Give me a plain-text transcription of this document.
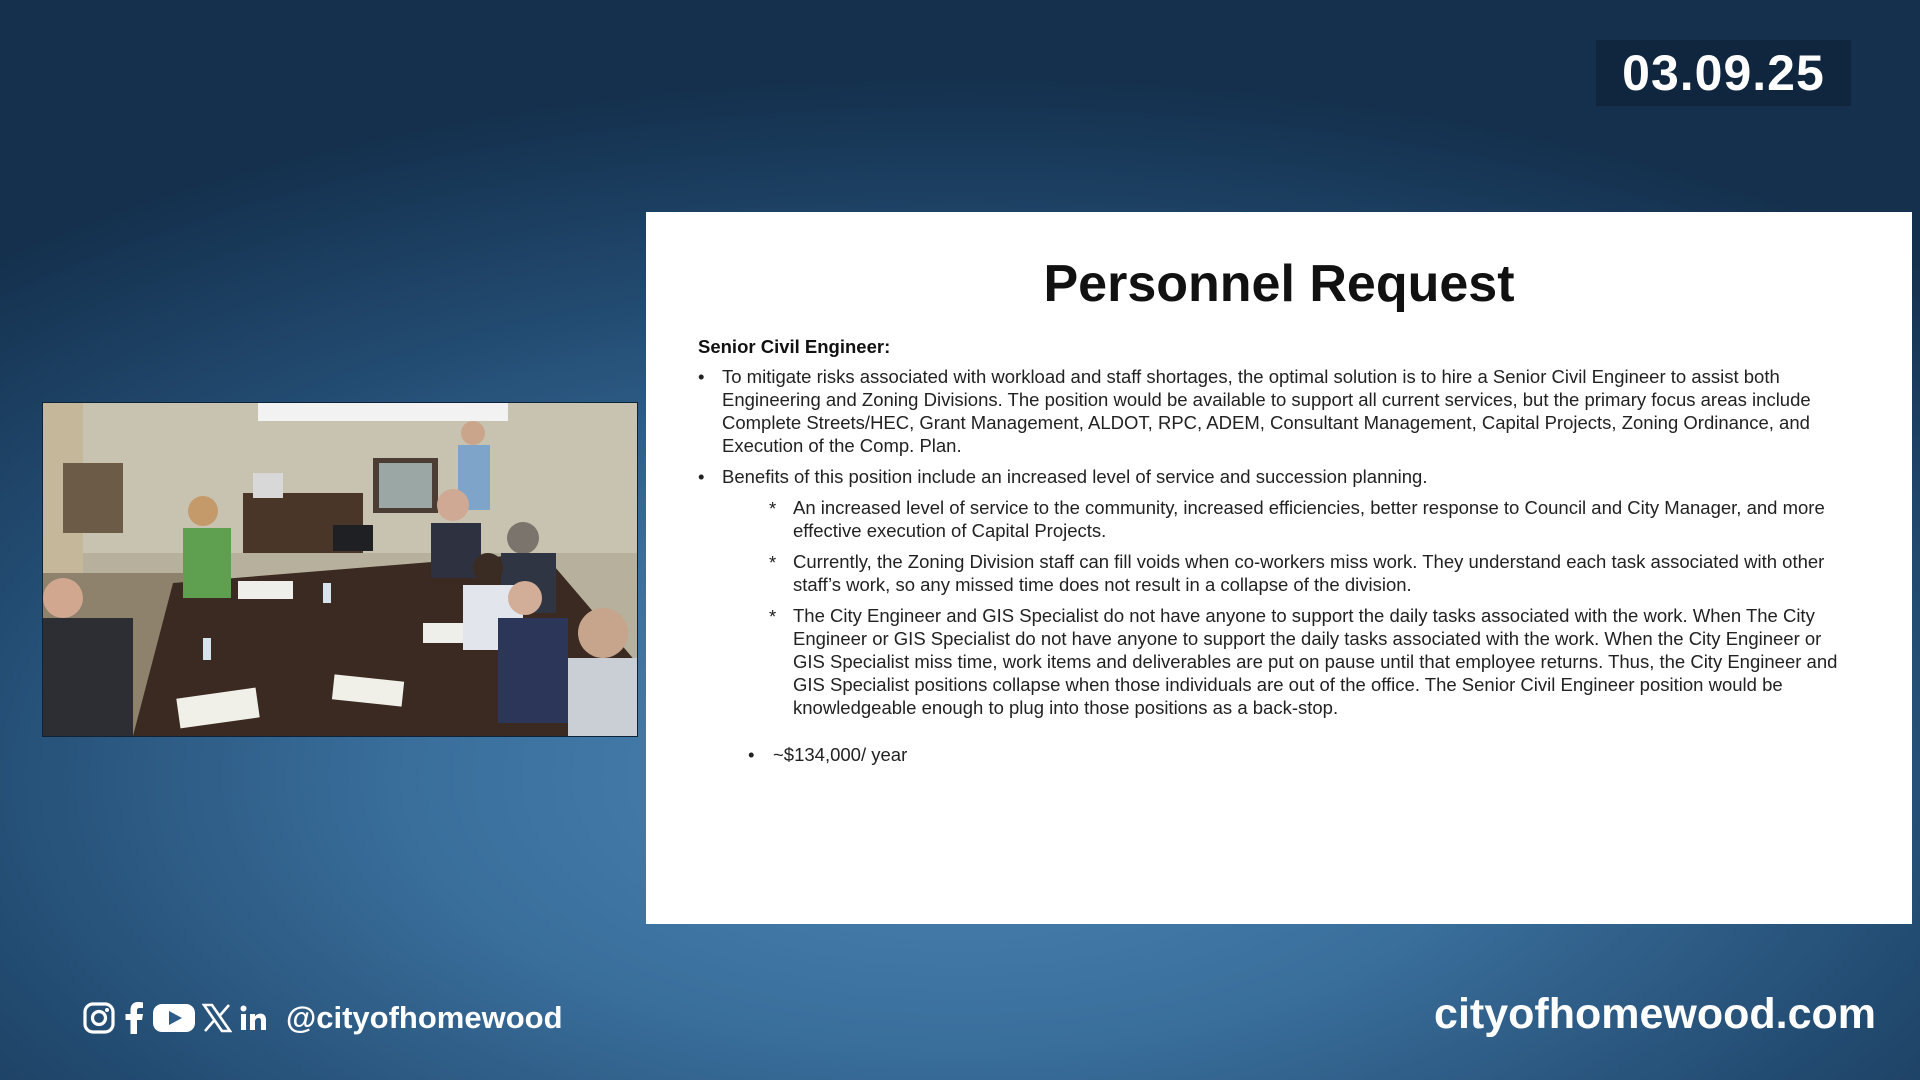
03.09.25
Personnel Request
Senior Civil Engineer:
• To mitigate risks associated with workload and staff shortages, the optimal solution is to hire a Senior Civil Engineer to assist both Engineering and Zoning Divisions. The position would be available to support all current services, but the primary focus areas include Complete Streets/HEC, Grant Management, ALDOT, RPC, ADEM, Consultant Management, Capital Projects, Zoning Ordinance, and Execution of the Comp. Plan.
• Benefits of this position include an increased level of service and succession planning.
* An increased level of service to the community, increased efficiencies, better response to Council and City Manager, and more effective execution of Capital Projects.
* Currently, the Zoning Division staff can fill voids when co-workers miss work. They understand each task associated with other staff’s work, so any missed time does not result in a collapse of the division.
* The City Engineer and GIS Specialist do not have anyone to support the daily tasks associated with the work. When The City Engineer or GIS Specialist do not have anyone to support the daily tasks associated with the work. When the City Engineer or GIS Specialist miss time, work items and deliverables are put on pause until that employee returns. Thus, the City Engineer and GIS Specialist positions collapse when those individuals are out of the office. The Senior Civil Engineer position would be knowledgeable enough to plug into those positions as a back-stop.
• ~$134,000/ year
@cityofhomewood	cityofhomewood.com
